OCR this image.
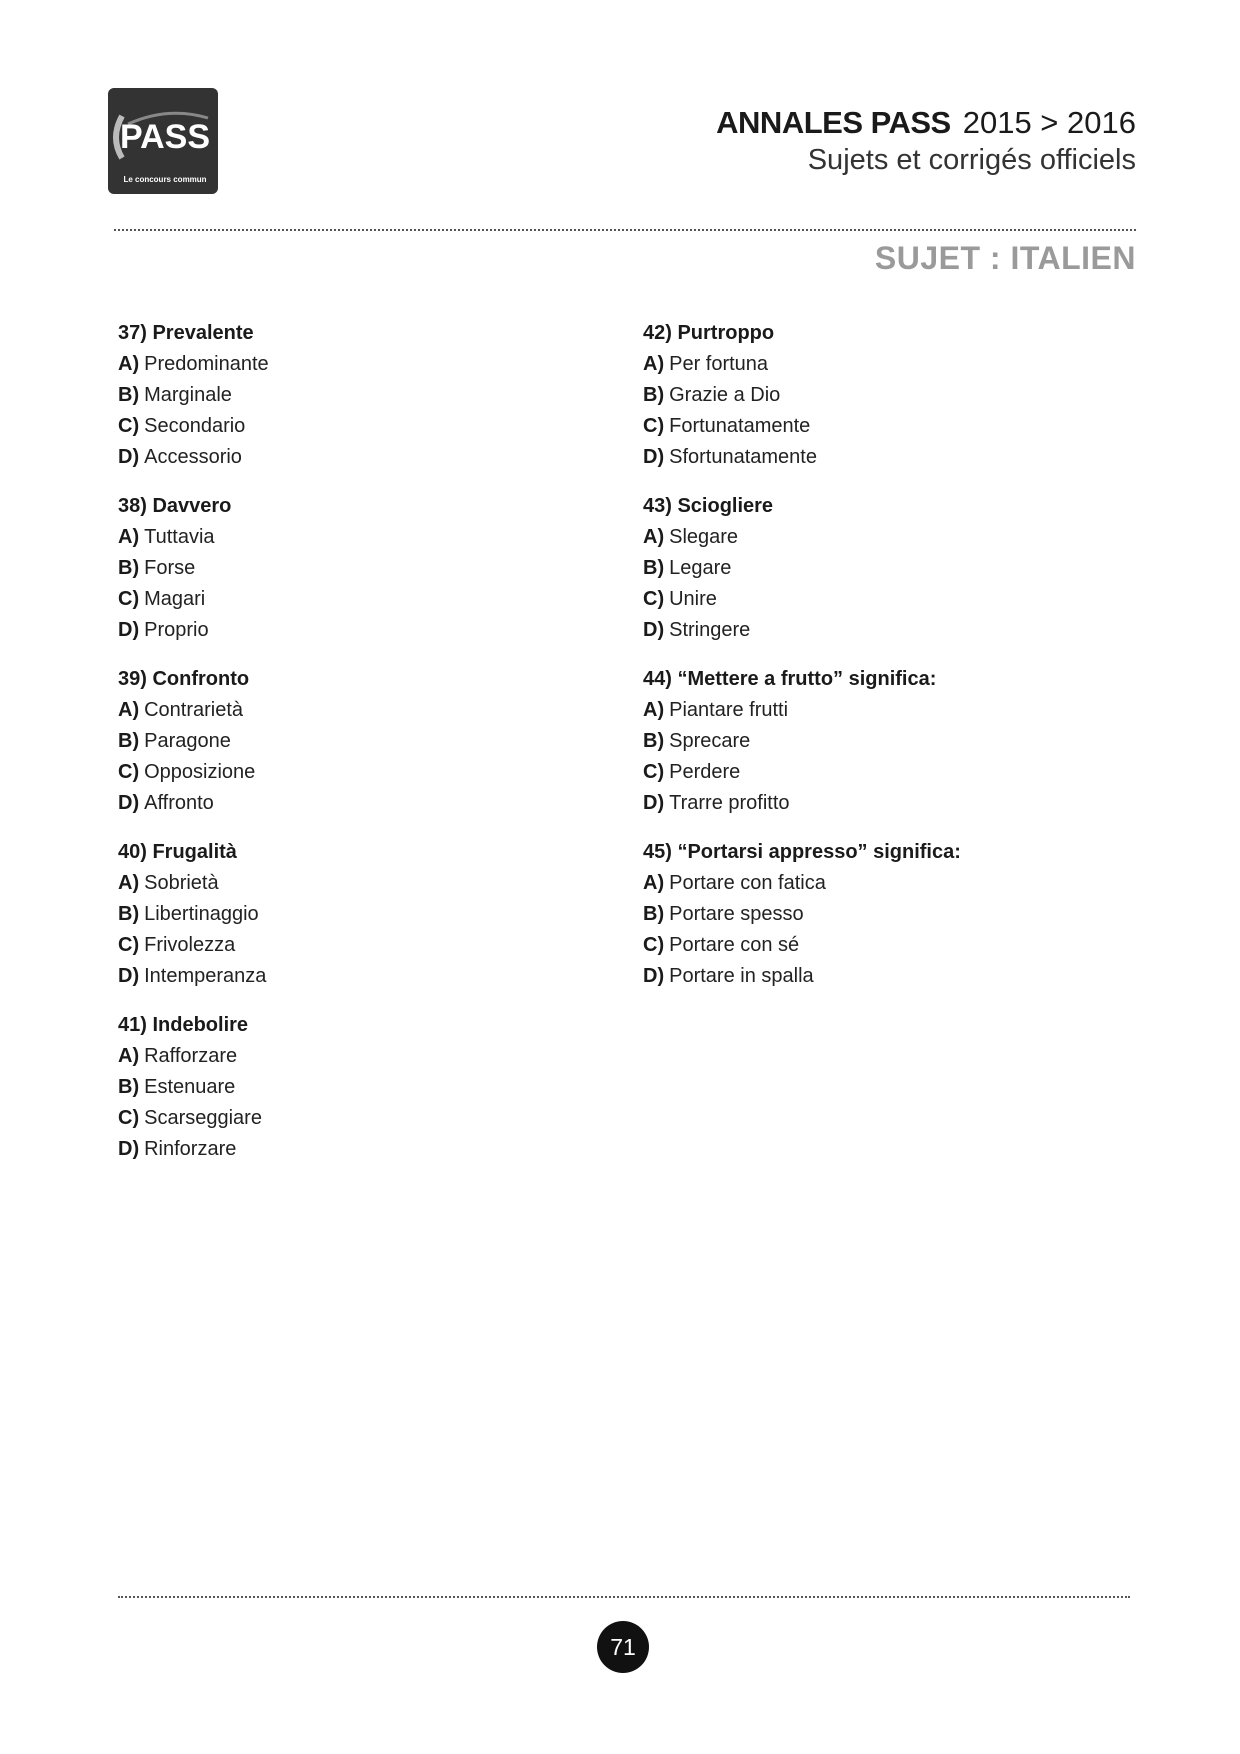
PASS
Le concours commun
ANNALES PASS 2015 > 2016
Sujets et corrigés officiels
SUJET : ITALIEN
37) Prevalente
A) Predominante
B) Marginale
C) Secondario
D) Accessorio
38) Davvero
A) Tuttavia
B) Forse
C) Magari
D) Proprio
39) Confronto
A) Contrarietà
B) Paragone
C) Opposizione
D) Affronto
40) Frugalità
A) Sobrietà
B) Libertinaggio
C) Frivolezza
D) Intemperanza
41) Indebolire
A) Rafforzare
B) Estenuare
C) Scarseggiare
D) Rinforzare
42) Purtroppo
A) Per fortuna
B) Grazie a Dio
C) Fortunatamente
D) Sfortunatamente
43) Sciogliere
A) Slegare
B) Legare
C) Unire
D) Stringere
44) “Mettere a frutto” significa:
A) Piantare frutti
B) Sprecare
C) Perdere
D) Trarre profitto
45) “Portarsi appresso” significa:
A) Portare con fatica
B) Portare spesso
C) Portare con sé
D) Portare in spalla
71
